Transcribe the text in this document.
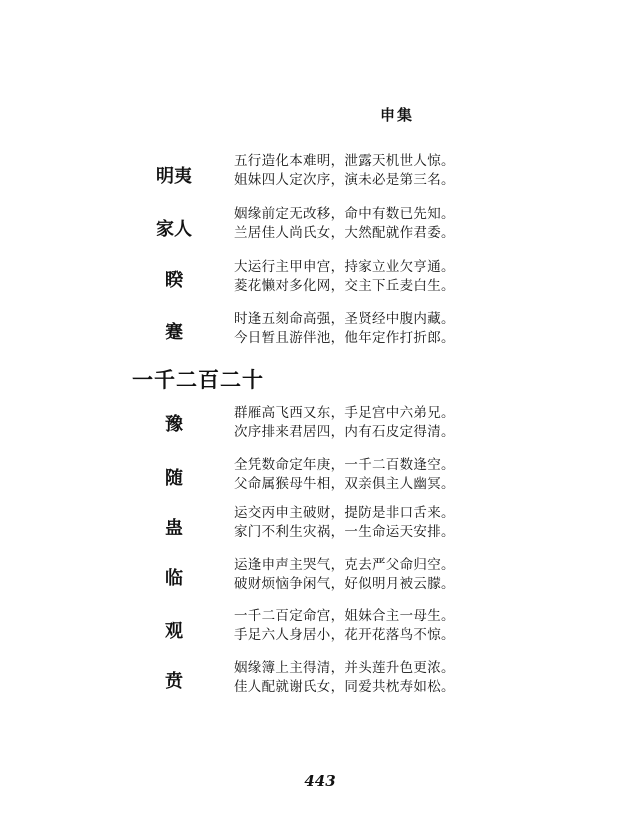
申集
明夷
五行造化本难明，泄露天机世人惊。
姐妹四人定次序，演未必是第三名。
家人
姻缘前定无改移，命中有数已先知。
兰居佳人尚氏女，大然配就作君委。
睽
大运行主甲申宫，持家立业欠亨通。
菱花懒对多化网，交主下丘麦白生。
蹇
时逢五刻命高强，圣贤经中腹内藏。
今日暂且游伴池，他年定作打折郎。
一千二百二十
豫
群雁高飞西又东，手足宫中六弟兄。
次序排来君居四，内有石皮定得清。
随
全凭数命定年庚，一千二百数逢空。
父命属猴母牛相，双亲俱主人幽冥。
蛊
运交丙申主破财，提防是非口舌来。
家门不利生灾祸，一生命运天安排。
临
运逢申声主哭气，克去严父命归空。
破财烦恼争闲气，好似明月被云朦。
观
一千二百定命宫，姐妹合主一母生。
手足六人身居小，花开花落鸟不惊。
贲
姻缘簿上主得清，并头莲升色更浓。
佳人配就谢氏女，同爱共枕寿如松。
443
